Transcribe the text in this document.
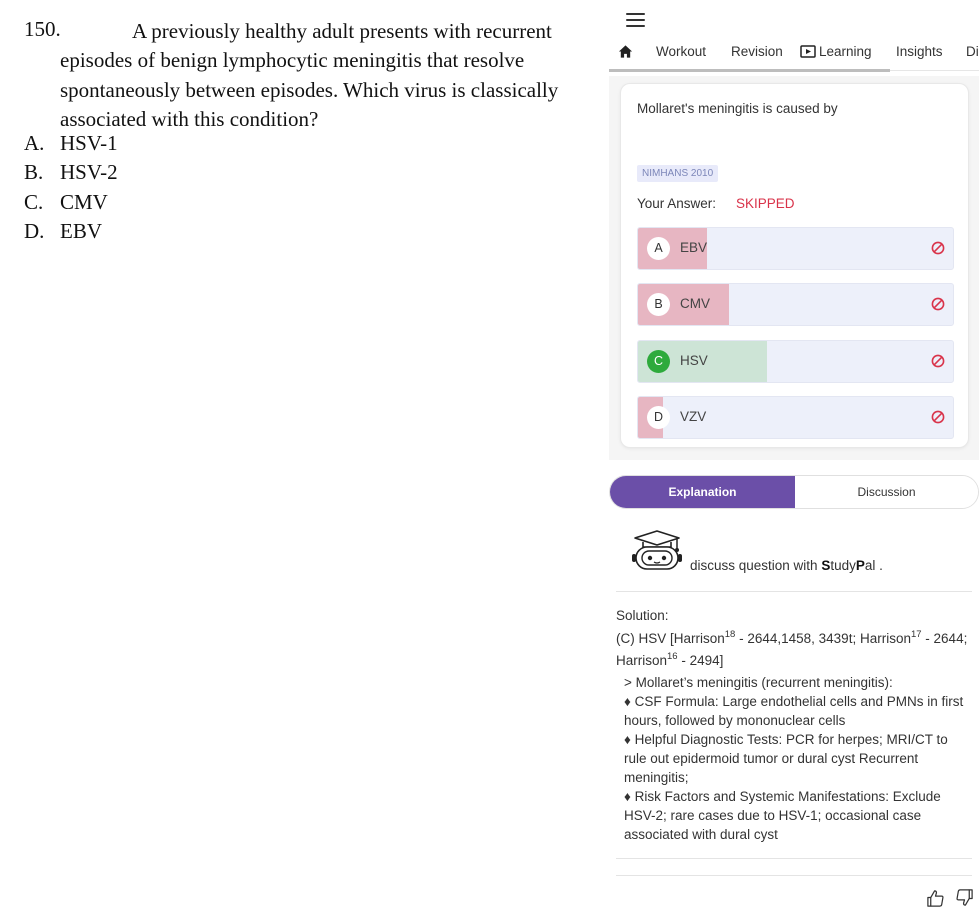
150.	A previously healthy adult presents with recurrent episodes of benign lymphocytic meningitis that resolve spontaneously between episodes. Which virus is classically associated with this condition?
A. HSV-1
B. HSV-2
C. CMV
D. EBV
Workout Revision	Learning Insights Di
Mollaret's meningitis is caused by
NIMHANS 2010
Your Answer: SKIPPED
A	EBV
B	CMV
C	HSV
D	VZV
Explanation	Discussion
discuss question with StudyPal .
Solution:
(C) HSV [Harrison$^{18}$ - 2644,1458, 3439t; Harrison$^{17}$ - 2644; Harrison$^{16}$ - 2494]

> Mollaret’s meningitis (recurrent meningitis):

♦ CSF Formula: Large endothelial cells and PMNs in first hours, followed by mononuclear cells

♦ Helpful Diagnostic Tests: PCR for herpes; MRI/CT to rule out epidermoid tumor or dural cyst Recurrent meningitis;

♦ Risk Factors and Systemic Manifestations: Exclude HSV-2; rare cases due to HSV-1; occasional case associated with dural cyst
